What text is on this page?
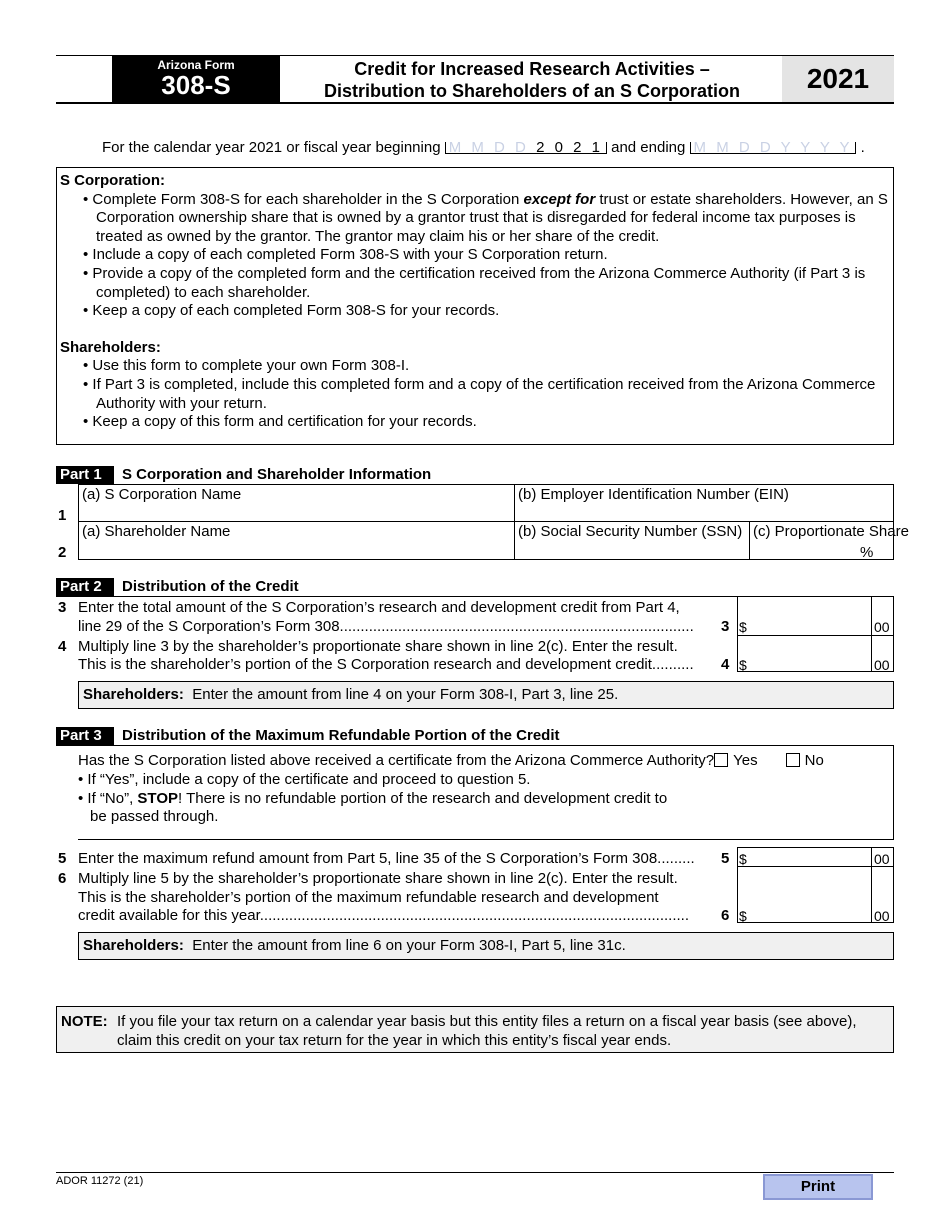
Arizona Form
308-S
Credit for Increased Research Activities –
Distribution to Shareholders of an S Corporation	2021
For the calendar year 2021 or fiscal year beginning M M D D 2 0 2 1 and ending M M D D Y Y Y Y .
S Corporation:
• Complete Form 308-S for each shareholder in the S Corporation except for trust or estate shareholders. However, an S Corporation ownership share that is owned by a grantor trust that is disregarded for federal income tax purposes is treated as owned by the grantor. The grantor may claim his or her share of the credit.
• Include a copy of each completed Form 308-S with your S Corporation return.
• Provide a copy of the completed form and the certification received from the Arizona Commerce Authority (if Part 3 is completed) to each shareholder.
• Keep a copy of each completed Form 308-S for your records.
Shareholders:
• Use this form to complete your own Form 308-I.
• If Part 3 is completed, include this completed form and a copy of the certification received from the Arizona Commerce Authority with your return.
• Keep a copy of this form and certification for your records.
Part 1 S Corporation and Shareholder Information
1
(a) S Corporation Name	(b) Employer Identification Number (EIN)
2
(a) Shareholder Name	(b) Social Security Number (SSN) (c) Proportionate Share
%
Part 2 Distribution of the Credit
3 Enter the total amount of the S Corporation’s research and development credit from Part 4,
line 29 of the S Corporation’s Form 308.....................................................................................	3 $	00
4 Multiply line 3 by the shareholder’s proportionate share shown in line 2(c). Enter the result.
This is the shareholder’s portion of the S Corporation research and development credit..........	4 $	00
Shareholders: Enter the amount from line 4 on your Form 308-I, Part 3, line 25.
Part 3 Distribution of the Maximum Refundable Portion of the Credit
Has the S Corporation listed above received a certificate from the Arizona Commerce Authority? Yes	No
• If “Yes”, include a copy of the certificate and proceed to question 5.
• If “No”, STOP! There is no refundable portion of the research and development credit to
be passed through.
5 Enter the maximum refund amount from Part 5, line 35 of the S Corporation’s Form 308.........	5 $	00
6 Multiply line 5 by the shareholder’s proportionate share shown in line 2(c). Enter the result.
This is the shareholder’s portion of the maximum refundable research and development
credit available for this year.......................................................................................................	6 $	00
Shareholders: Enter the amount from line 6 on your Form 308-I, Part 5, line 31c.
NOTE: If you file your tax return on a calendar year basis but this entity files a return on a fiscal year basis (see above),
claim this credit on your tax return for the year in which this entity’s fiscal year ends.
ADOR 11272 (21)	Print
